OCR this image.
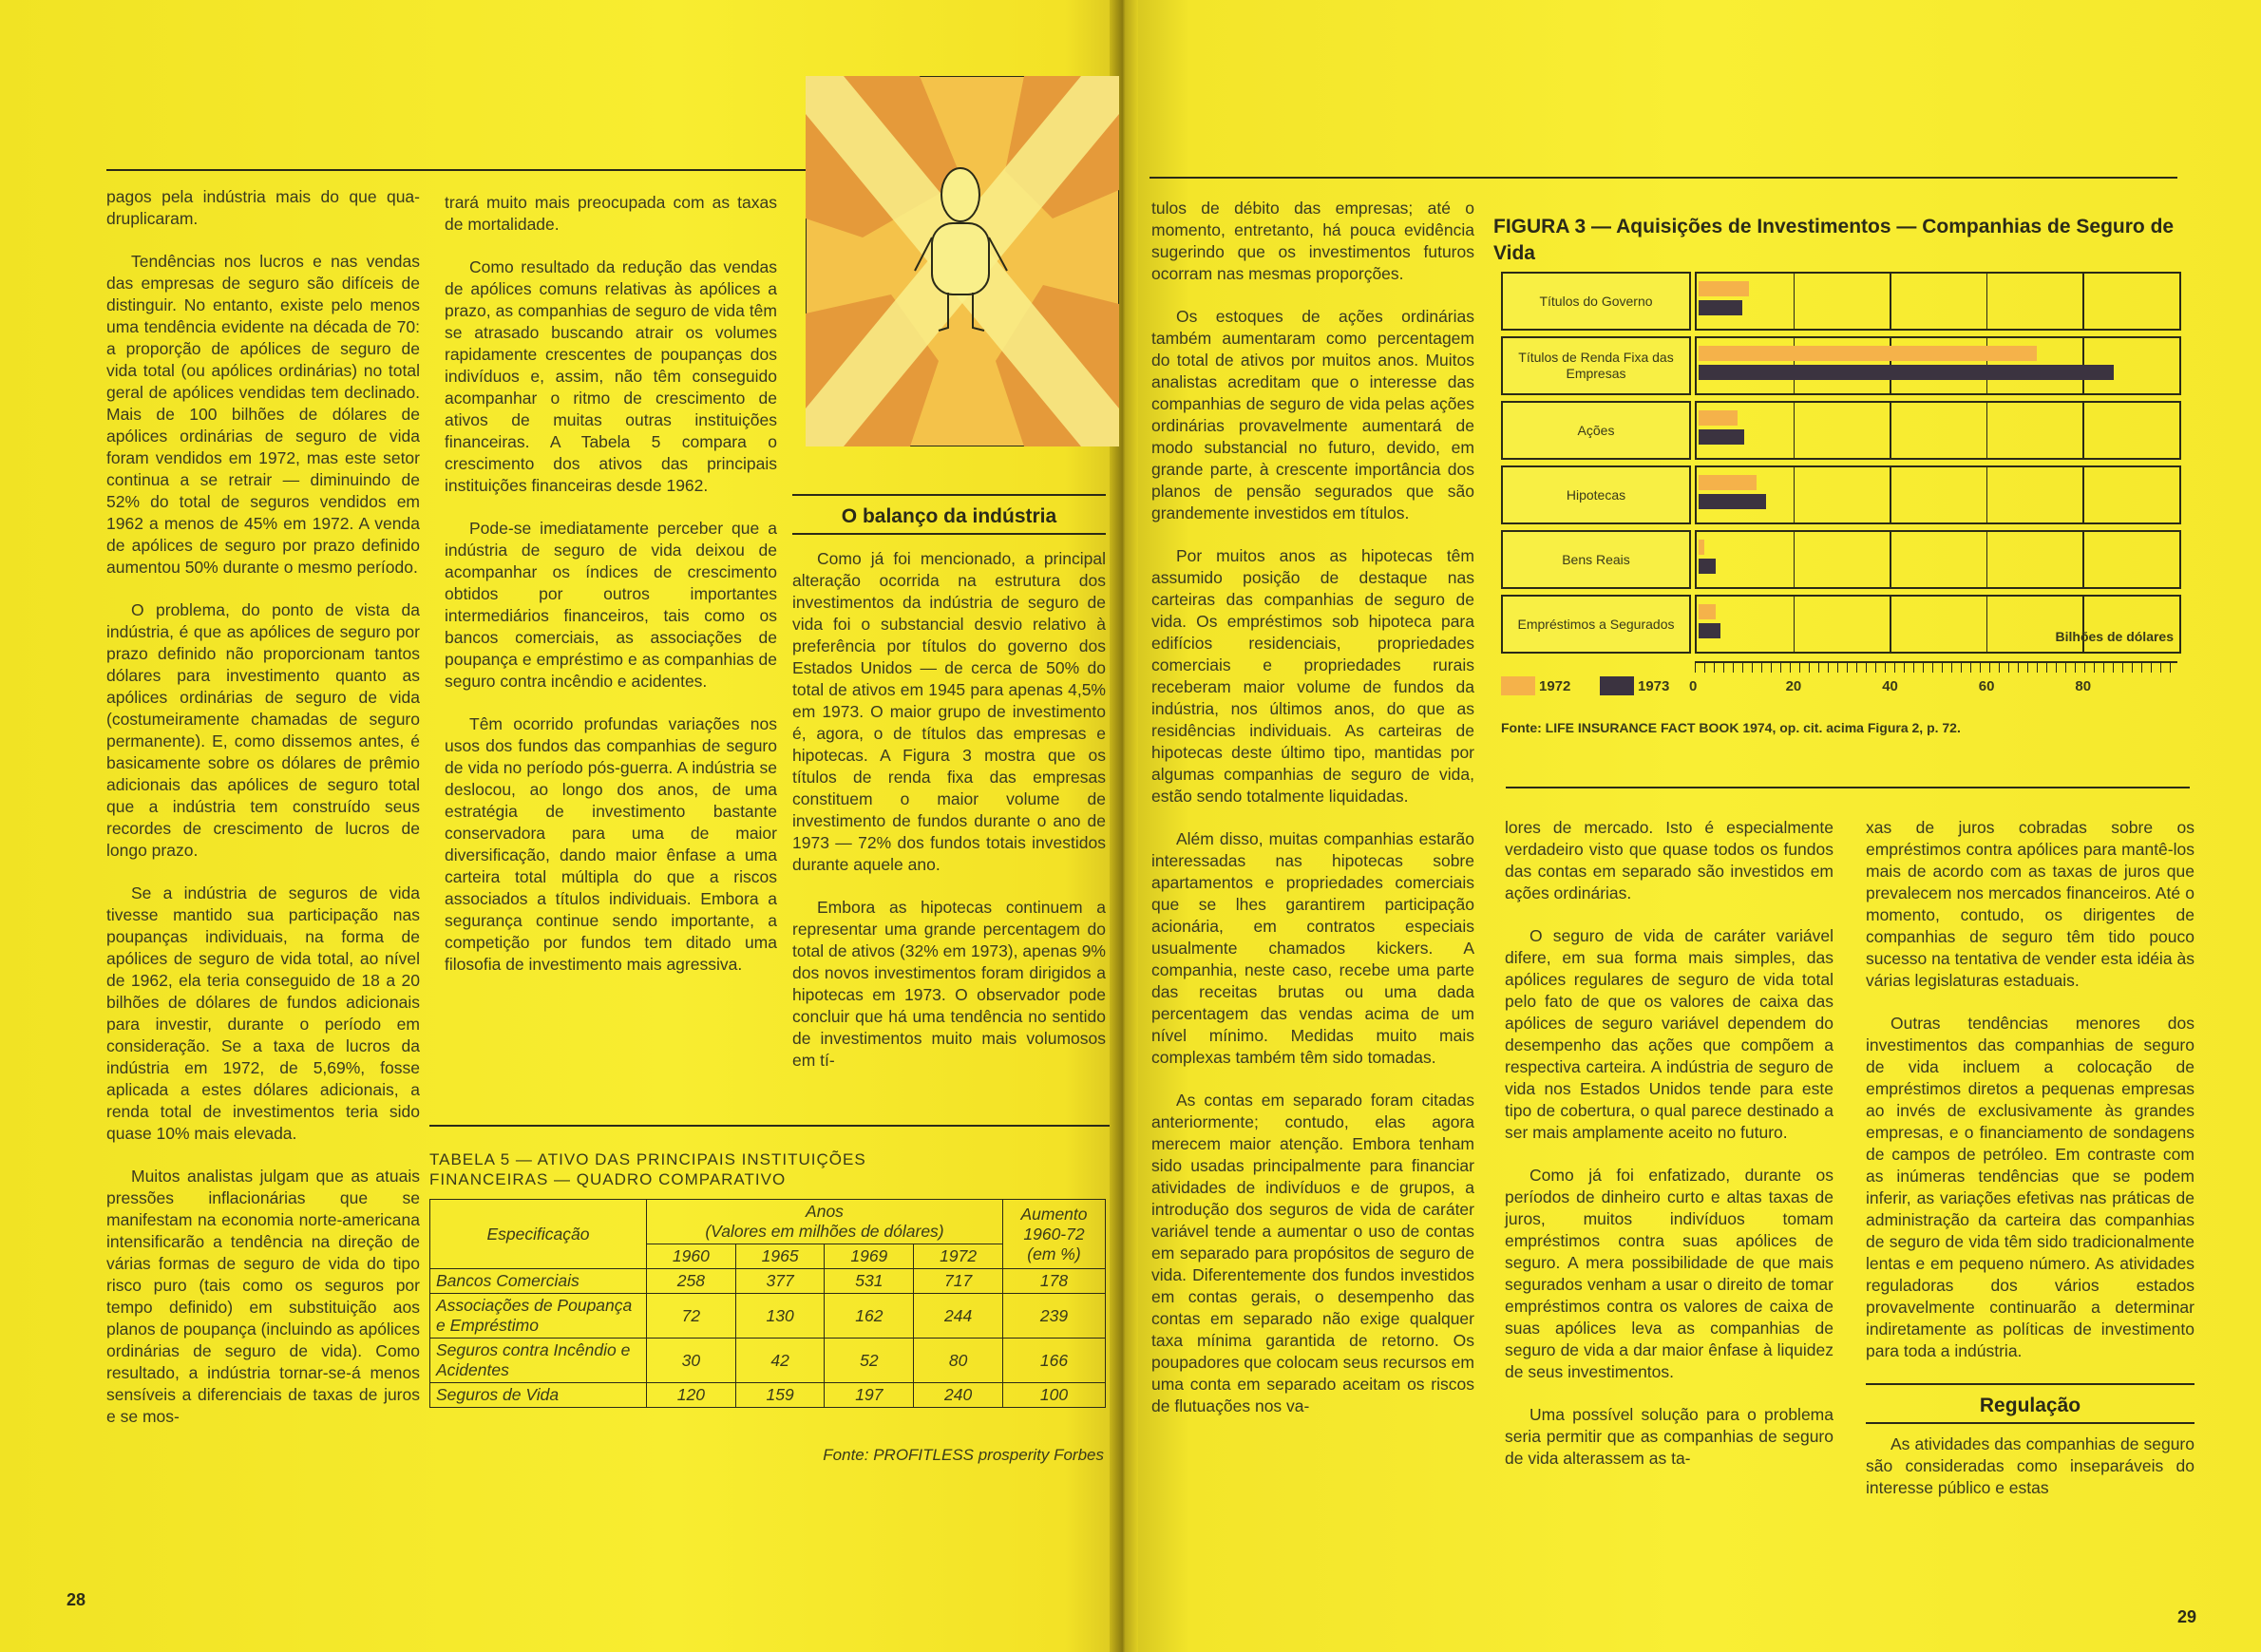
pagos pela indústria mais do que qua-druplicaram.

Tendências nos lucros e nas vendas das empresas de seguro são difíceis de distinguir. No entanto, existe pelo menos uma tendência evidente na década de 70: a proporção de apólices de seguro de vida total (ou apólices ordinárias) no total geral de apólices vendidas tem declinado. Mais de 100 bilhões de dólares de apólices ordinárias de seguro de vida foram vendidos em 1972, mas este setor continua a se retrair — diminuindo de 52% do total de seguros vendidos em 1962 a menos de 45% em 1972. A venda de apólices de seguro por prazo definido aumentou 50% durante o mesmo período.

O problema, do ponto de vista da indústria, é que as apólices de seguro por prazo definido não proporcionam tantos dólares para investimento quanto as apólices ordinárias de seguro de vida (costumeiramente chamadas de seguro permanente). E, como dissemos antes, é basicamente sobre os dólares de prêmio adicionais das apólices de seguro total que a indústria tem construído seus recordes de crescimento de lucros de longo prazo.

Se a indústria de seguros de vida tivesse mantido sua participação nas poupanças individuais, na forma de apólices de seguro de vida total, ao nível de 1962, ela teria conseguido de 18 a 20 bilhões de dólares de fundos adicionais para investir, durante o período em consideração. Se a taxa de lucros da indústria em 1972, de 5,69%, fosse aplicada a estes dólares adicionais, a renda total de investimentos teria sido quase 10% mais elevada.

Muitos analistas julgam que as atuais pressões inflacionárias que se manifestam na economia norte-americana intensificarão a tendência na direção de várias formas de seguro de vida do tipo risco puro (tais como os seguros por tempo definido) em substituição aos planos de poupança (incluindo as apólices ordinárias de seguro de vida). Como resultado, a indústria tornar-se-á menos sensíveis a diferenciais de taxas de juros e se mos-

trará muito mais preocupada com as taxas de mortalidade.

Como resultado da redução das vendas de apólices comuns relativas às apólices a prazo, as companhias de seguro de vida têm se atrasado buscando atrair os volumes rapidamente crescentes de poupanças dos indivíduos e, assim, não têm conseguido acompanhar o ritmo de crescimento de ativos de muitas outras instituições financeiras. A Tabela 5 compara o crescimento dos ativos das principais instituições financeiras desde 1962.

Pode-se imediatamente perceber que a indústria de seguro de vida deixou de acompanhar os índices de crescimento obtidos por outros importantes intermediários financeiros, tais como os bancos comerciais, as associações de poupança e empréstimo e as companhias de seguro contra incêndio e acidentes.

Têm ocorrido profundas variações nos usos dos fundos das companhias de seguro de vida no período pós-guerra. A indústria se deslocou, ao longo dos anos, de uma estratégia de investimento bastante conservadora para uma de maior diversificação, dando maior ênfase a uma carteira total múltipla do que a riscos associados a títulos individuais. Embora a segurança continue sendo importante, a competição por fundos tem ditado uma filosofia de investimento mais agressiva.

O balanço da indústria

Como já foi mencionado, a principal alteração ocorrida na estrutura dos investimentos da indústria de seguro de vida foi o substancial desvio relativo à preferência por títulos do governo dos Estados Unidos — de cerca de 50% do total de ativos em 1945 para apenas 4,5% em 1973. O maior grupo de investimento é, agora, o de títulos das empresas e hipotecas. A Figura 3 mostra que os títulos de renda fixa das empresas constituem o maior volume de investimento de fundos durante o ano de 1973 — 72% dos fundos totais investidos durante aquele ano.

Embora as hipotecas continuem a representar uma grande percentagem do total de ativos (32% em 1973), apenas 9% dos novos investimentos foram dirigidos a hipotecas em 1973. O observador pode concluir que há uma tendência no sentido de investimentos muito mais volumosos em tí-

TABELA 5 — ATIVO DAS PRINCIPAIS INSTITUIÇÕES
FINANCEIRAS — QUADRO COMPARATIVO
Especificação	Anos
(Valores em milhões de dólares)				Aumento 1960-72 (em %)
	1960	1965	1969	1972	
Bancos Comerciais	258	377	531	717	178
Associações de Poupança e Empréstimo	72	130	162	244	239
Seguros contra Incêndio e Acidentes	30	42	52	80	166
Seguros de Vida	120	159	197	240	100
Fonte: PROFITLESS prosperity Forbes
28

tulos de débito das empresas; até o momento, entretanto, há pouca evidência sugerindo que os investimentos futuros ocorram nas mesmas proporções.

Os estoques de ações ordinárias também aumentaram como percentagem do total de ativos por muitos anos. Muitos analistas acreditam que o interesse das companhias de seguro de vida pelas ações ordinárias provavelmente aumentará de modo substancial no futuro, devido, em grande parte, à crescente importância dos planos de pensão segurados que são grandemente investidos em títulos.

Por muitos anos as hipotecas têm assumido posição de destaque nas carteiras das companhias de seguro de vida. Os empréstimos sob hipoteca para edifícios residenciais, propriedades comerciais e propriedades rurais receberam maior volume de fundos da indústria, nos últimos anos, do que as residências individuais. As carteiras de hipotecas deste último tipo, mantidas por algumas companhias de seguro de vida, estão sendo totalmente liquidadas.

Além disso, muitas companhias estarão interessadas nas hipotecas sobre apartamentos e propriedades comerciais que se lhes garantirem participação acionária, em contratos especiais usualmente chamados kickers. A companhia, neste caso, recebe uma parte das receitas brutas ou uma dada percentagem das vendas acima de um nível mínimo. Medidas muito mais complexas também têm sido tomadas.

As contas em separado foram citadas anteriormente; contudo, elas agora merecem maior atenção. Embora tenham sido usadas principalmente para financiar atividades de indivíduos e de grupos, a introdução dos seguros de vida de caráter variável tende a aumentar o uso de contas em separado para propósitos de seguro de vida. Diferentemente dos fundos investidos em contas gerais, o desempenho das contas em separado não exige qualquer taxa mínima garantida de retorno. Os poupadores que colocam seus recursos em uma conta em separado aceitam os riscos de flutuações nos va-

FIGURA 3 — Aquisições de Investimentos — Companhias de Seguro de Vida
Títulos do Governo
Títulos de Renda Fixa das Empresas
Ações
Hipotecas
Bens Reais
Empréstimos a Segurados
Bilhões de dólares
0	20	40	60	80
1972	1973
Fonte: LIFE INSURANCE FACT BOOK 1974, op. cit. acima Figura 2, p. 72.

lores de mercado. Isto é especialmente verdadeiro visto que quase todos os fundos das contas em separado são investidos em ações ordinárias.

O seguro de vida de caráter variável difere, em sua forma mais simples, das apólices regulares de seguro de vida total pelo fato de que os valores de caixa das apólices de seguro variável dependem do desempenho das ações que compõem a respectiva carteira. A indústria de seguro de vida nos Estados Unidos tende para este tipo de cobertura, o qual parece destinado a ser mais amplamente aceito no futuro.

Como já foi enfatizado, durante os períodos de dinheiro curto e altas taxas de juros, muitos indivíduos tomam empréstimos contra suas apólices de seguro. A mera possibilidade de que mais segurados venham a usar o direito de tomar empréstimos contra os valores de caixa de suas apólices leva as companhias de seguro de vida a dar maior ênfase à liquidez de seus investimentos.

Uma possível solução para o problema seria permitir que as companhias de seguro de vida alterassem as ta-

xas de juros cobradas sobre os empréstimos contra apólices para mantê-los mais de acordo com as taxas de juros que prevalecem nos mercados financeiros. Até o momento, contudo, os dirigentes de companhias de seguro têm tido pouco sucesso na tentativa de vender esta idéia às várias legislaturas estaduais.

Outras tendências menores dos investimentos das companhias de seguro de vida incluem a colocação de empréstimos diretos a pequenas empresas ao invés de exclusivamente às grandes empresas, e o financiamento de sondagens de campos de petróleo. Em contraste com as inúmeras tendências que se podem inferir, as variações efetivas nas práticas de administração da carteira das companhias de seguro de vida têm sido tradicionalmente lentas e em pequeno número. As atividades reguladoras dos vários estados provavelmente continuarão a determinar indiretamente as políticas de investimento para toda a indústria.

Regulação

As atividades das companhias de seguro são consideradas como inseparáveis do interesse público e estas

29
